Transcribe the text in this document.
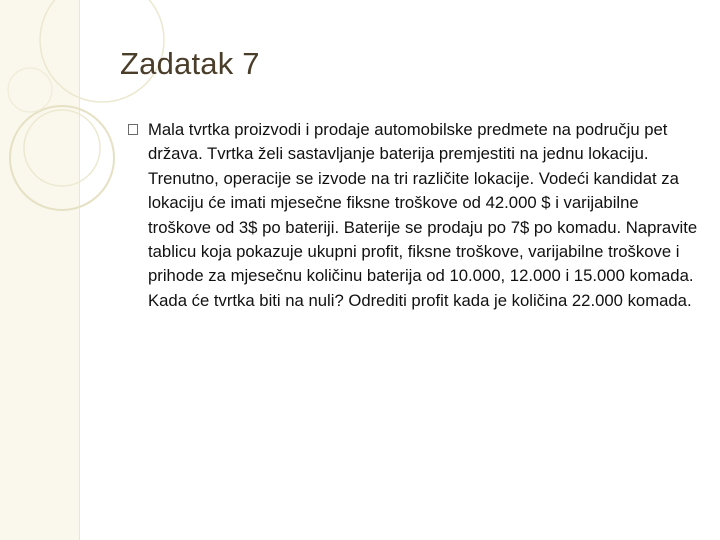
Zadatak 7

Mala tvrtka proizvodi i prodaje automobilske predmete na području pet država. Tvrtka želi sastavljanje baterija premjestiti na jednu lokaciju. Trenutno, operacije se izvode na tri različite lokacije. Vodeći kandidat za lokaciju će imati mjesečne fiksne troškove od 42.000 $ i varijabilne troškove od 3$ po bateriji. Baterije se prodaju po 7$ po komadu. Napravite tablicu koja pokazuje ukupni profit, fiksne troškove, varijabilne troškove i prihode za mjesečnu količinu baterija od 10.000, 12.000 i 15.000 komada. Kada će tvrtka biti na nuli? Odrediti profit kada je količina 22.000 komada.
